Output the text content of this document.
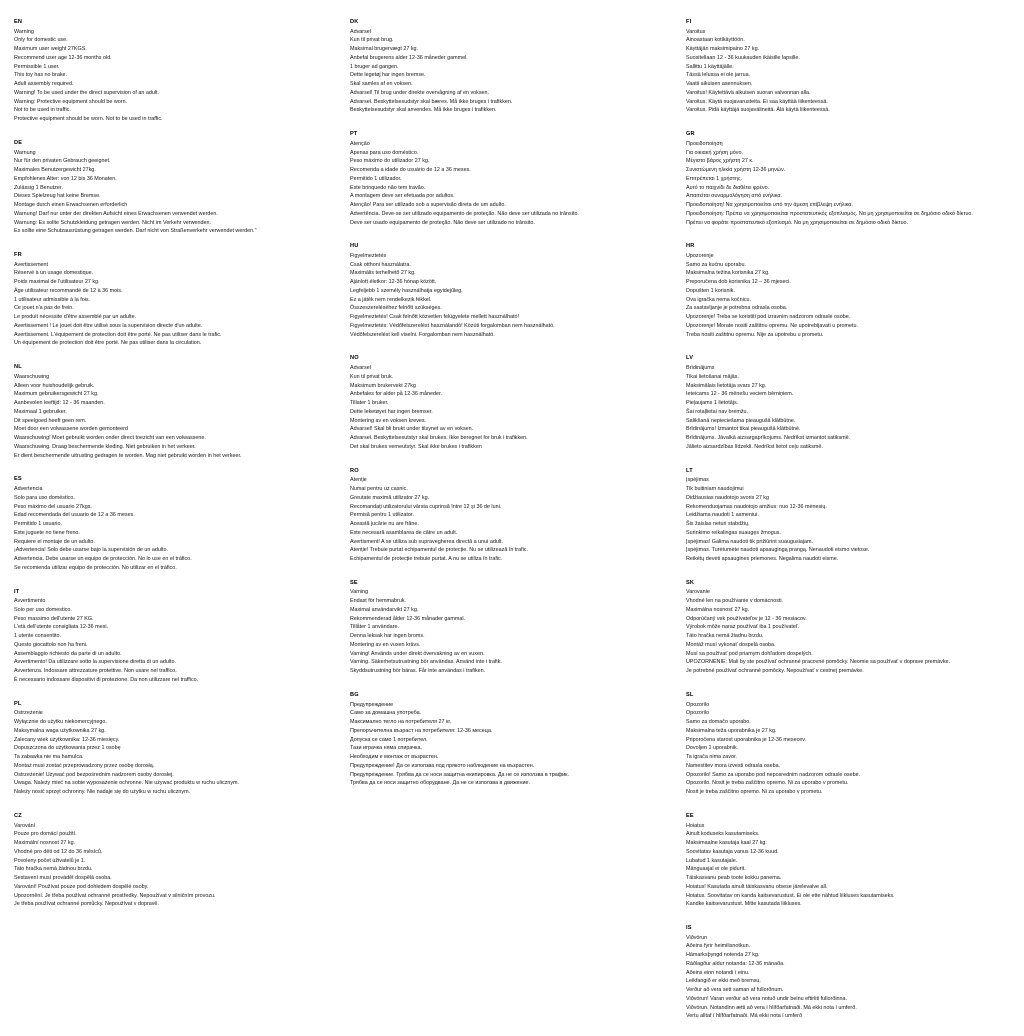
EN
Warning
Only for domestic use.
Maximum user weight 27KGS.
Recommend user age 12-36 months old.
Permissible 1 user.
This toy has no brake.
Adult assembly required.
Warning! To be used under the direct supervision of an adult.
Warning: Protective equipment should be worn.
Not to be used in traffic.
Protective equipment should be worn. Not to be used in traffic.
DE
Warnung
Nur für den privaten Gebrauch geeignet.
Maximales Benutzergewicht 27kg.
Empfohlenes Alter: von 12 bis 36 Monaten.
Zulässig 1 Benutzer.
Dieses Spielzeug hat keine Bremse.
Montage durch einen Erwachsenen erforderlich
Warnung! Darf nur unter der direkten Aufsicht eines Erwachsenen verwendet werden.
Warnung: Es sollte Schutzkleidung getragen werden. Nicht im Verkehr verwenden.
Es sollte eine Schutzausrüstung getragen werden. Darf nicht von Straßenverkehr verwendet werden."
FR
Avertissement
Réservé à un usage domestique.
Poids maximal de l'utilisateur 27 kg.
Âge utilisateur recommandé de 12 à 36 mois.
1 utilisateur admissible à la fois.
Ce jouet n'a pas de frein.
Le produit nécessite d'être assemblé par un adulte.
Avertissement ! Le jouet doit être utilisé sous la supervision directe d'un adulte.
Avertissement. L'équipement de protection doit être porté. Ne pas utiliser dans le trafic.
Un équipement de protection doit être porté. Ne pas utiliser dans la circulation.
NL
Waarschuwing
Alleen voor huishoudelijk gebruik.
Maximum gebruikersgewicht 27 kg.
Aanbevolen leeftijd: 12 - 36 maanden.
Maximaal 1 gebruiker.
Dit speelgoed heeft geen rem.
Moet door een volwassene worden gemonteerd
Waarschuwing! Moet gebruikt worden onder direct toezicht van een volwassene.
Waarschuwing. Draag beschermende kleding. Niet gebruiken in het verkeer.
Er dient beschermende uitrusting gedragen te worden. Mag niet gebruikt worden in het verkeer.
ES
Advertencia
Solo para uso doméstico.
Peso máximo del usuario 27kgs.
Edad recomendada del usuario de 12 a 36 meses.
Permitido 1 usuario.
Este juguete no tiene freno.
Requiere el montaje de un adulto.
¡Advertencia! Solo debe usarse bajo la supervisión de un adulto.
Advertencia. Debe usarse un equipo de protección. No lo use en el tráfico.
Se recomienda utilizar equipo de protección. No utilizar en el tráfico.
IT
Avvertimento
Solo per uso domestico.
Peso massimo dell'utente 27 KG.
L'età dell'utente consigliata 12-36 mesi.
1 utente consentito.
Questo giocattolo non ha freni.
Assemblaggio richiesto da parte di un adulto.
Avvertimento! Da utilizzare sotto la supervisione diretta di un adulto.
Avvertenza. Indossare attrezzature protettive. Non usare nel traffico.
È necessario indossare dispositivi di protezione. Da non utilizzare nel traffico.
PL
Ostrzeżenie
Wyłącznie do użytku niekomercyjnego.
Maksymalna waga użytkownika 27 kg.
Zalecany wiek użytkownika: 12-36 miesięcy.
Dopuszczona do użytkowania przez 1 osobę
Ta zabawka nie ma hamulca.
Montaż musi zostać przeprowadzony przez osobę dorosłą.
Ostrzeżenie! Używać pod bezpośrednim nadzorem osoby dorosłej.
Uwaga. Należy mieć na sobie wyposażenie ochronne. Nie używać produktu w ruchu ulicznym.
Należy nosić sprzęt ochronny. Nie nadaje się do użytku w ruchu ulicznym.
CZ
Varování
Pouze pro domácí použití.
Maximální nosnost 27 kg.
Vhodné pro děti od 12 do 36 měsíců.
Povoleny počet uživatelů je 1.
Tato hračka nemá žádnou brzdu.
Sestavení musí provádět dospělá osoba.
Varování! Používat pouze pod dohledem dospělé osoby.
Upozornění. Je třeba používat ochranné prostředky. Nepoužívat v silničním provozu.
Je třeba používat ochranné pomůcky. Nepoužívat v dopravě.
DK
Advarsel
Kun til privat brug.
Maksimal brugervægt 27 kg.
Anbefal brugerens alder 12-36 måneder gammel.
1 bruger ad gangen.
Dette legetøj har ingen bremse.
Skal samles af en voksen.
Advarsel! Til brug under direkte overvågning af en voksen.
Advarsel. Beskyttelsesudstyr skal bæres. Må ikke bruges i trafikken.
Beskyttelsesudstyr skal anvendes. Må ikke bruges i trafikken.
PT
Atenção
Apenas para uso doméstico.
Peso máximo do utilizador 27 kg.
Recomenda a idade do usuário de 12 a 36 meses.
Permitido 1 utilizador.
Este brinquedo não tem travão.
A montagem deve ser efetuada por adultos.
Atenção! Para ser utilizado sob a supervisão direta de um adulto.
Advertência. Deve-se ser utilizado equipamento de proteção. Não deve ser utilizada no trânsito.
Deve ser usado equipamento de proteção. Não deve ser utilizado no trânsito.
HU
Figyelmeztetés
Csak otthoni használatra.
Maximális terhelhető 27 kg.
Ajánlott életkor: 12-36 hónap között.
Legfeljebb 1 személy használhatja egyidejűleg.
Ez a játék nem rendelkezik fékkel.
Összeszereléséhez felnőtt szükséges.
Figyelmeztetés! Csak felnőtt közvetlen felügyelete mellett használható!
Figyelmeztetés: Védőfelszerelést használandó! Közúti forgalomban nem használható.
Védőfelszerelést kell viselni. Forgalomban nem használható.
NO
Advarsel
Kun til privat bruk.
Maksimum brukervekt 27kg
Anbefales for alder på 12-36 måneder.
Tillater 1 bruker.
Dette leketøyet har ingen bremser.
Montering av en voksen kreves.
Advarsel! Skal bli brukt under tilsynet av en voksen.
Advarsel. Beskyttelsesutstyr skal brukes. Ikke beregnet for bruk i trafikken.
Det skal brukes verneutstyr. Skal ikke brukes i trafikken
RO
Atenție
Numai pentru uz casnic.
Greutate maximă utilizator 27 kg.
Recomandați utilizatorului vârsta cuprinsă între 12 și 36 de luni.
Permisă pentru 1 utilizator.
Această jucărie nu are frâne.
Este necesară asamblarea de către un adult.
Avertisment! A se utiliza sub supravegherea directă a unui adult.
Atenție! Trebuie purtat echipamentul de protecție. Nu se utilizează în trafic.
Echipamentul de protecție trebuie purtat. A nu se utiliza în trafic.
SE
Varning
Endast för hemmabruk.
Maximal användarvikt 27 kg.
Rekommenderad ålder 12-36 månader gammal.
Tillåter 1 användare.
Denna leksak har ingen broms.
Montering av en vuxen krävs.
Varning! Används under direkt övervakning av en vuxen.
Varning. Säkerhetsutrustning bör användas. Använd inte i trafik.
Skyddsutrustning bör bäras. Får inte användas i trafiken.
BG
Предупреждение
Само за домашна употреба.
Максимално тегло на потребителя 27 кг.
Препоръчителна възраст на потребителя: 12-36 месеца.
Допуска се само 1 потребител.
Тази играчка няма спирачка.
Необходим е монтаж от възрастен.
Предупреждение! Да се използва под прякото наблюдение на възрастен.
Предупреждение. Трябва да се носи защитна екипировка. Да не се използва в трафик.
Трябва да се носи защитно оборудване. Да не се използва в движение.
FI
Varoitus
Ainoastaan kotikäyttöön.
Käyttäjän maksimipaino 27 kg.
Suositellaan 12 - 36 kuukauden ikäisille lapsille.
Sallittu 1 käyttäjälle.
Tässä lelussa ei ole jarrua.
Vaatii aikuisen asennuksen.
Varoitus! Käytettävä aikuisen suoran valvonnan alla.
Varoitus. Käytä suojavarusteita. Ei saa käyttää liikenteessä.
Varoitus. Pidä käyttäjä suojavälineitä. Älä käytä liikenteessä.
GR
Προειδοποίηση
Για οικιακή χρήση μόνο.
Μέγιστο βάρος χρήστη 27 κ.
Συνιστώμενη ηλικία χρήστη 12-36 μηνών.
Επιτρέπεται 1 χρήστης.
Αυτό το παιχνίδι δε διαθέτει φρένο.
Απαιτείται συναρμολόγηση από ενήλικα.
Προειδοποίηση! Να χρησιμοποιείται υπό την άμεση επίβλεψη ενήλικα.
Προειδοποίηση: Πρέπει να χρησιμοποιείται προστατευτικός εξοπλισμός. Να μη χρησιμοποιείται σε δημόσιο οδικό δίκτυο.
Πρέπει να φοράτε προστατευτικό εξοπλισμό. Να μη χρησιμοποιείται σε δημόσιο οδικό δίκτυο.
HR
Upozorenje
Samo za kućnu uporabu.
Maksimalna težina korisnika 27 kg.
Preporučena dob korisnika 12 – 36 mjeseci.
Dopušten 1 korisnik.
Ova igračka nema kočnicu.
Za sastavljanje je potrebna odrasla osoba.
Upozorenje! Treba se koristiti pod izravnim nadzorom odrasle osobe.
Upozorenje! Morate nositi zaštitnu opremu. Ne upotrebljavati u prometu.
Treba nositi zaštitnu opremu. Nije za upotrebu u prometu.
LV
Brīdinājums
Tikai lietošanai mājās.
Maksimālais lietotāja svars 27 kg.
Ieteicams 12 - 36 mēnešu veciem bērniņiem.
Pieļaujams 1 lietotājs.
Šai rotaļlietai nav bremžu.
Salikšanā nepieciešama pieaugušā klātbūtne.
Brīdinājums! Izmantot tikai pieaugušā klātbūtnē.
Brīdinājums. Jāvalkā aizsargaprīkojums. Nedrīkst izmantot satiksmē.
Jālieto aizsardzības līdzekli. Nedrīkst lietot ceļu satiksmē.
LT
Įspėjimas
Tik buitiniam naudojimui
Didžiausias naudotojo svoris 27 kg
Rekomenduojamas naudotojo amžius: nuo 12-36 mėnesių.
Leidžiama naudoti 1 asmeniui.
Šis žaislas neturi stabdžių.
Surinkimo reikalingas suaugęs žmogus.
Įspėjimas! Galima naudoti tik prižiūrint suaugusiajam.
Įspėjimas. Turėtumėte naudoti apsaugingą prangą. Nenaudoti eismo vietose.
Reikėtų devėti apsaugines priemones. Negalima naudoti eisme.
SK
Varovanie
Vhodné len na používanie v domácnosti.
Maximálna nosnosť 27 kg.
Odporúčaný vek používateľov je 12 - 36 mesiacov.
Výrobok môže naraz používať iba 1 používateľ.
Táto hračka nemá žiadnu brzdu.
Montáž musí vykonať dospelá osoba.
Musí sa používať pod priamym dohľadom dospelých.
UPOZORNENIE: Mali by ste používať ochranné pracovné pomôcky. Neomie sa používať v doprave premávke.
Je potrebné používať ochranné pomôcky. Nepoužívať v cestnej premávke.
SL
Opozorilo
Opozorilo
Samo za domačo uporabo.
Maksimalna teža uporabnika je 27 kg.
Priporočena starost uporabnika je 12-36 mesecev.
Dovoljen 1 uporabnik.
Ta igrača nima zavor.
Namestitev mora izvesti odrasla oseba.
Opozorilo! Samo za uporabo pod neposrednim nadzorom odrasle osebe.
Opozorilo. Nosit je treba zaščitno opremo. Ni za uporabo v prometu.
Nosit je treba zaščitno opremo. Ni za uporabo v prometu.
EE
Hoiatus
Ainult koduseks kasutamiseks.
Maksimaalne kasutaja kaal 27 kg.
Soovitatav kasutaja vanus 12-36 kuud.
Lubatud 1 kasutajale.
Mänguasjal ei ole pidurit.
Täiskasvanu peab toote kokku panema.
Hoiatus! Kasutada ainult täiskasvanu otsese järelevalve all.
Hoiatus. Soovitatav on kanda kaitsevarustust. Ei ole ette nähtud liikluses kasutamiseks.
Kandke kaitsevarustust. Mitte kasutada liikluses.
IS
Viðvörun
Aðeins fyrir heimilisnotkun.
Hámarksþyngd notenda 27 kg.
Ráðlagður aldur notanda: 12-36 mánaða.
Aðeins einn notandi í einu.
Leikfangið er ekki með bremsu.
Verður að vera sett saman af fullorðnum.
Viðvörun! Varan verður að vera notuð undir beinu eftirliti fullorðinna.
Viðvörun. Notandinn ætti að vera í hlífðarfatnaði. Má ekki nota í umferð.
Vertu alltaf í hlífðarfatnaði. Má ekki nota í umferð
